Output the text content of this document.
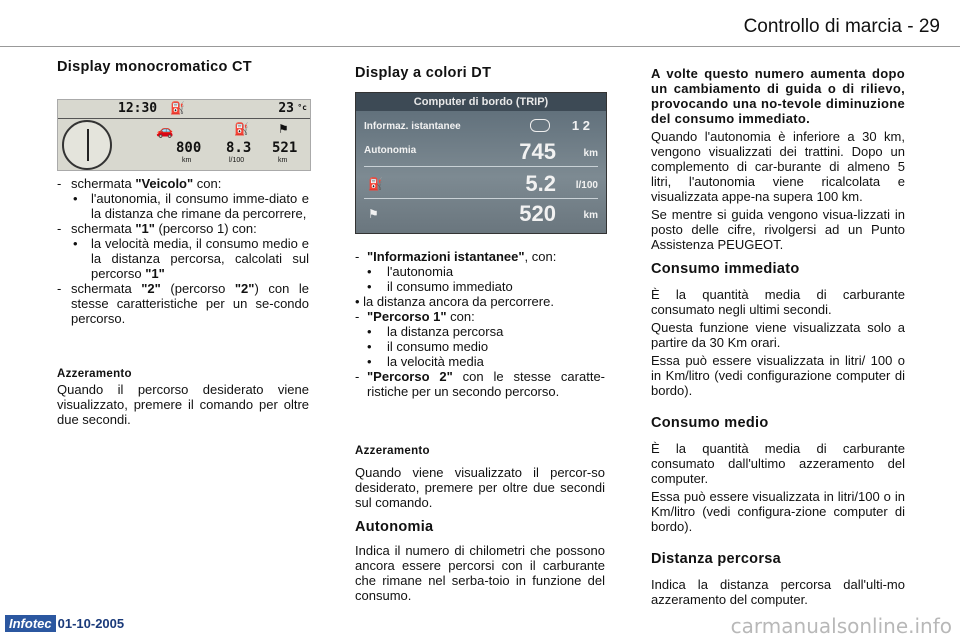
Controllo di marcia - 29
Display monocromatico CT
12:30 ⛽	23 °c
🚗	⛽ ⚑
800 8.3 521
km	l/100	km
- schermata "Veicolo" con:
•	l'autonomia, il consumo imme-diato e la distanza che rimane da percorrere,

- schermata "1" (percorso 1) con:
•	la velocità media, il consumo medio e la distanza percorsa, calcolati sul percorso "1"

- schermata "2" (percorso "2") con le stesse caratteristiche per un se-condo percorso.

Azzeramento

Quando il percorso desiderato viene visualizzato, premere il comando per oltre due secondi.

Display a colori DT
Computer di bordo (TRIP)
Informaz. istantanee	1 2
Autonomia	745	km
⛽	5.2 l/100
⚑	520	km
- "Informazioni istantanee", con:
•	l'autonomia
•	il consumo immediato
• la distanza ancora da percorrere.
- "Percorso 1" con:
•	la distanza percorsa
•	il consumo medio
•	la velocità media
- "Percorso 2" con le stesse caratte-ristiche per un secondo percorso.

Azzeramento

Quando viene visualizzato il percor-so desiderato, premere per oltre due secondi sul comando.

Autonomia

Indica il numero di chilometri che possono ancora essere percorsi con il carburante che rimane nel serba-toio in funzione del consumo.

A volte questo numero aumenta dopo un cambiamento di guida o di rilievo, provocando una no-tevole diminuzione del consumo immediato.

Quando l'autonomia è inferiore a 30 km, vengono visualizzati dei trattini. Dopo un complemento di car-burante di almeno 5 litri, l'autonomia viene ricalcolata e visualizzata appe-na supera 100 km.

Se mentre si guida vengono visua-lizzati in posto delle cifre, rivolgersi ad un Punto Assistenza PEUGEOT.

Consumo immediato

È la quantità media di carburante consumato negli ultimi secondi.

Questa funzione viene visualizzata solo a partire da 30 Km orari.

Essa può essere visualizzata in litri/ 100 o in Km/litro (vedi configurazione computer di bordo).

Consumo medio

È la quantità media di carburante consumato dall'ultimo azzeramento del computer.

Essa può essere visualizzata in litri/100 o in Km/litro (vedi configura-zione computer di bordo).

Distanza percorsa

Indica la distanza percorsa dall'ulti-mo azzeramento del computer.

Infotec 01-10-2005	carmanualsonline.info
